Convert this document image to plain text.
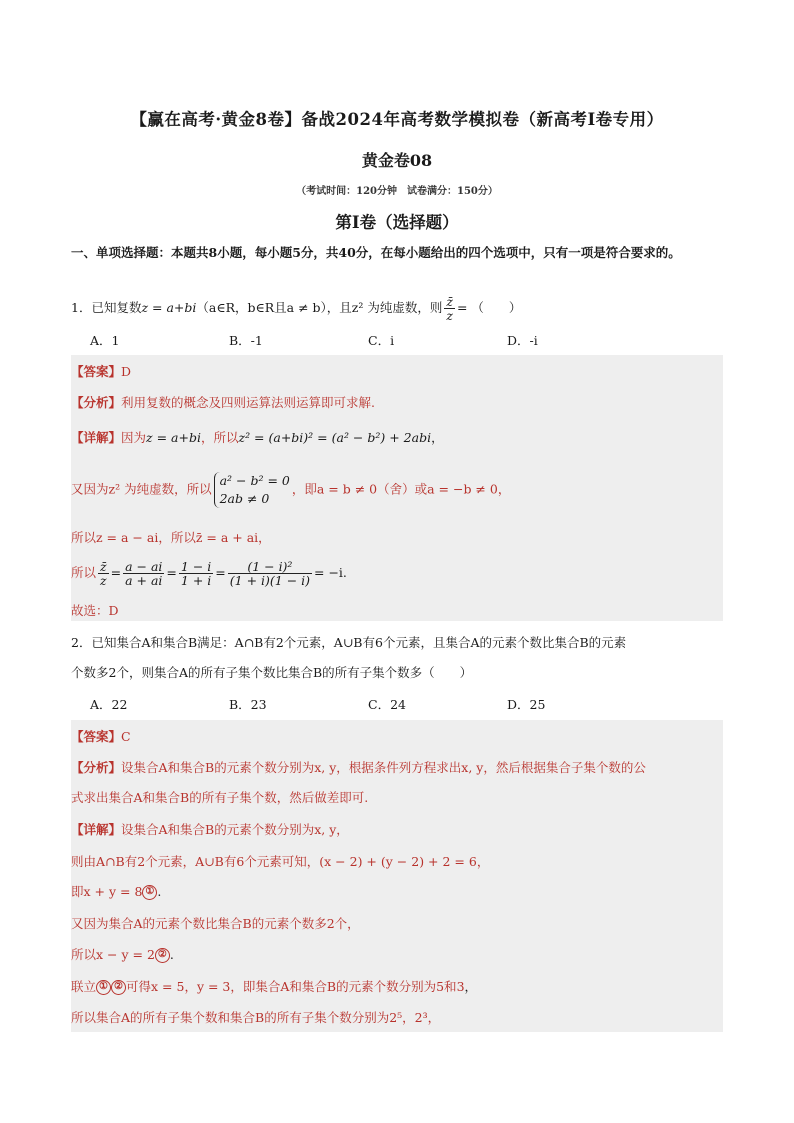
【赢在高考·黄金8卷】备战2024年高考数学模拟卷（新高考Ⅰ卷专用）
黄金卷08
（考试时间：120分钟　试卷满分：150分）
第Ⅰ卷（选择题）
一、单项选择题：本题共8小题，每小题5分，共40分，在每小题给出的四个选项中，只有一项是符合要求的。
1．已知复数z = a+bi（a∈R，b∈R且a ≠ b），且z² 为纯虚数，则 $\frac{z̄}{z}$ = （　　）
A．1	B．-1	C．i	D．-i
【答案】D
【分析】利用复数的概念及四则运算法则运算即可求解.
【详解】因为z = a+bi，所以z² = (a+bi)² = (a² − b²) + 2abi，
又因为z² 为纯虚数，所以
a² − b² = 0
2ab ≠ 0
，即a = b ≠ 0（舍）或a = −b ≠ 0，
所以z = a − ai，所以z̄ = a + ai，
所以 $\frac{z̄}{z} = \frac{a - ai}{a + ai} = \frac{1 - i}{1 + i} = \frac{\text{(1 − i)²}}{(1 + i)(1 - i)} = -i$.
故选：D
2．已知集合A和集合B满足：A∩B有2个元素，A∪B有6个元素，且集合A的元素个数比集合B的元素
个数多2个，则集合A的所有子集个数比集合B的所有子集个数多（　　）
A．22	B．23	C．24	D．25
【答案】C
【分析】设集合A和集合B的元素个数分别为x, y，根据条件列方程求出x, y，然后根据集合子集个数的公
式求出集合A和集合B的所有子集个数，然后做差即可.
【详解】设集合A和集合B的元素个数分别为x, y，
则由A∩B有2个元素，A∪B有6个元素可知，(x − 2) + (y − 2) + 2 = 6，
即x + y = 8 ① .
又因为集合A的元素个数比集合B的元素个数多2个，
所以x − y = 2 ② .
联立 ① ② 可得x = 5，y = 3，即集合A和集合B的元素个数分别为5和3，
所以集合A的所有子集个数和集合B的所有子集个数分别为2⁵，2³，
